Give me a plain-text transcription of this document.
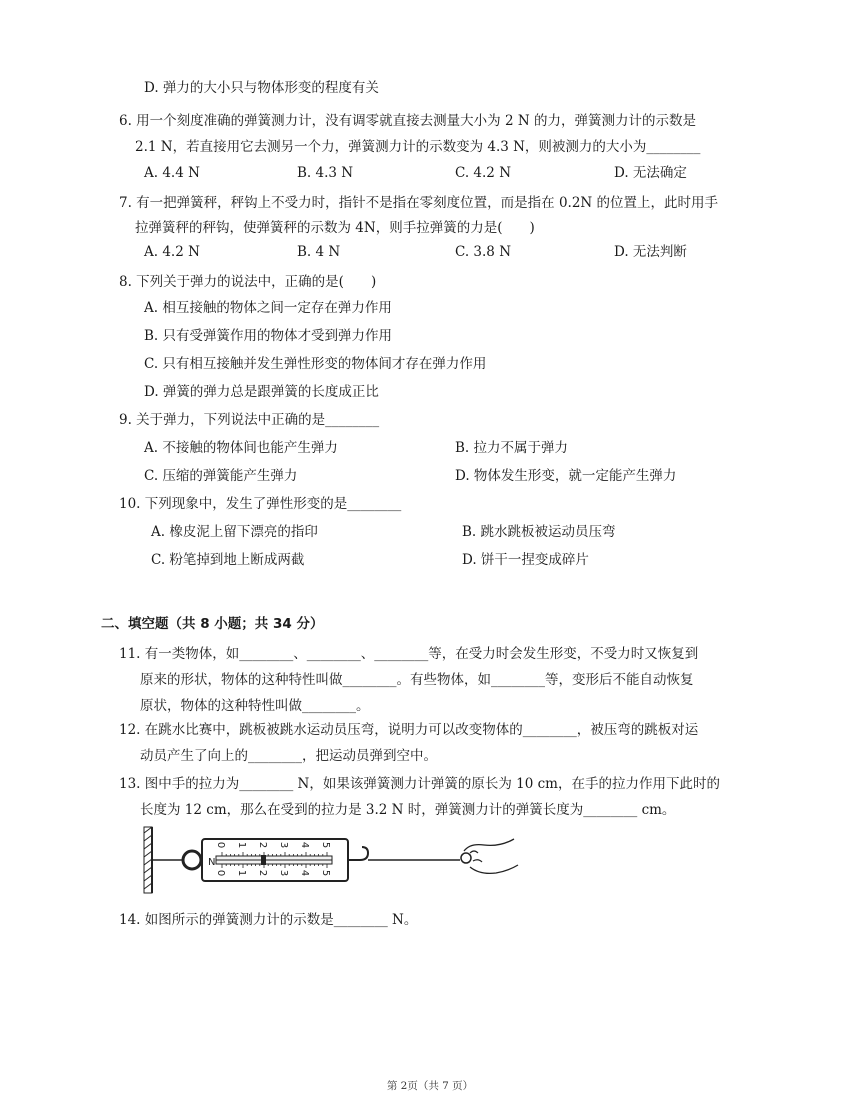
D. 弹力的大小只与物体形变的程度有关
6. 用一个刻度准确的弹簧测力计，没有调零就直接去测量大小为 2 N 的力，弹簧测力计的示数是
2.1 N，若直接用它去测另一个力，弹簧测力计的示数变为 4.3 N，则被测力的大小为________
A. 4.4 N	B. 4.3 N	C. 4.2 N	D. 无法确定
7. 有一把弹簧秤，秤钩上不受力时，指针不是指在零刻度位置，而是指在 0.2N 的位置上，此时用手
拉弹簧秤的秤钩，使弹簧秤的示数为 4N，则手拉弹簧的力是(　　)
A. 4.2 N	B. 4 N	C. 3.8 N	D. 无法判断
8. 下列关于弹力的说法中，正确的是(　　)
A. 相互接触的物体之间一定存在弹力作用
B. 只有受弹簧作用的物体才受到弹力作用
C. 只有相互接触并发生弹性形变的物体间才存在弹力作用
D. 弹簧的弹力总是跟弹簧的长度成正比
9. 关于弹力，下列说法中正确的是________
A. 不接触的物体间也能产生弹力	B. 拉力不属于弹力
C. 压缩的弹簧能产生弹力	D. 物体发生形变，就一定能产生弹力
10. 下列现象中，发生了弹性形变的是________
A. 橡皮泥上留下漂亮的指印	B. 跳水跳板被运动员压弯
C. 粉笔掉到地上断成两截	D. 饼干一捏变成碎片
二、填空题（共 8 小题；共 34 分）
11. 有一类物体，如________、________、________等，在受力时会发生形变，不受力时又恢复到
原来的形状，物体的这种特性叫做________。有些物体，如________等，变形后不能自动恢复
原状，物体的这种特性叫做________。
12. 在跳水比赛中，跳板被跳水运动员压弯，说明力可以改变物体的________，被压弯的跳板对运
动员产生了向上的________，把运动员弹到空中。
13. 图中手的拉力为________ N，如果该弹簧测力计弹簧的原长为 10 cm，在手的拉力作用下此时的
长度为 12 cm，那么在受到的拉力是 3.2 N 时，弹簧测力计的弹簧长度为________ cm。
0
0
1
1
2
2
3
3
4
4
5
5
N
14. 如图所示的弹簧测力计的示数是________ N。
第 2页（共 7 页）
